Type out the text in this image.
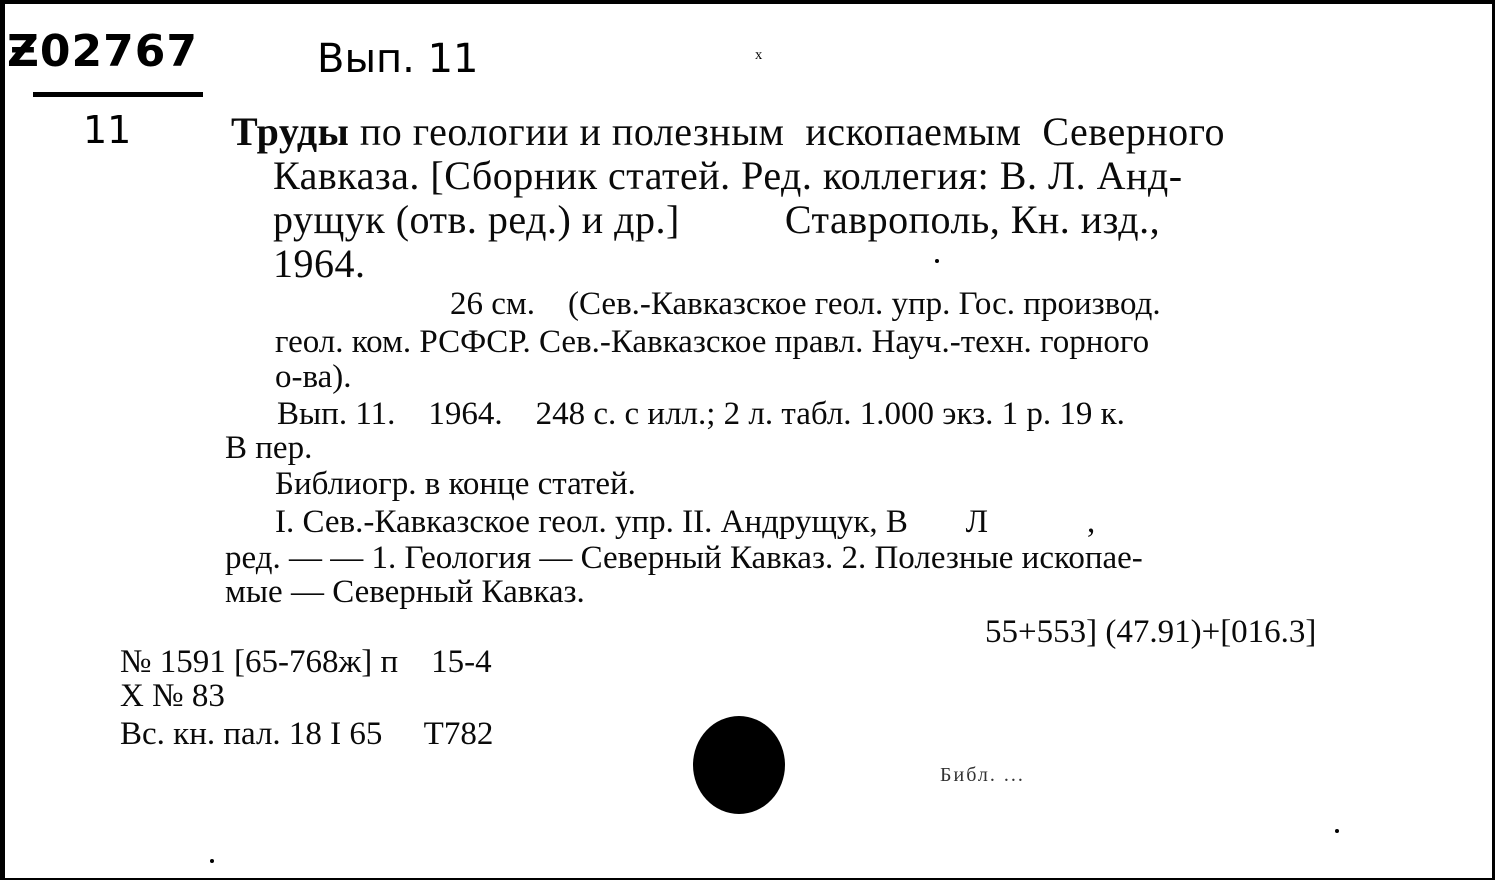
Ƶ02767	Вып. 11
11
⁻ͯ
Труды по геологии и полезным  ископаемым  Северного
Кавказа. [Сборник статей. Ред. коллегия: В. Л. Анд-
рущук (отв. ред.) и др.]          Ставрополь, Кн. изд.,
1964.
26 см.    (Сев.-Кавказское геол. упр. Гос. производ.
геол. ком. РСФСР. Сев.-Кавказское правл. Науч.-техн. горного
о-ва).
Вып. 11.    1964.    248 с. с илл.; 2 л. табл. 1.000 экз. 1 р. 19 к.
В пер.
Библиогр. в конце статей.
I. Сев.-Кавказское геол. упр. II. Андрущук, В       Л            ,
ред. — — 1. Геология — Северный Кавказ. 2. Полезные ископае-
мые — Северный Кавказ.
55+553] (47.91)+[016.3]
№ 1591 [65-768ж] п    15-4
Х № 83
Вс. кн. пал. 18 I 65     Т782
Библ. ...
